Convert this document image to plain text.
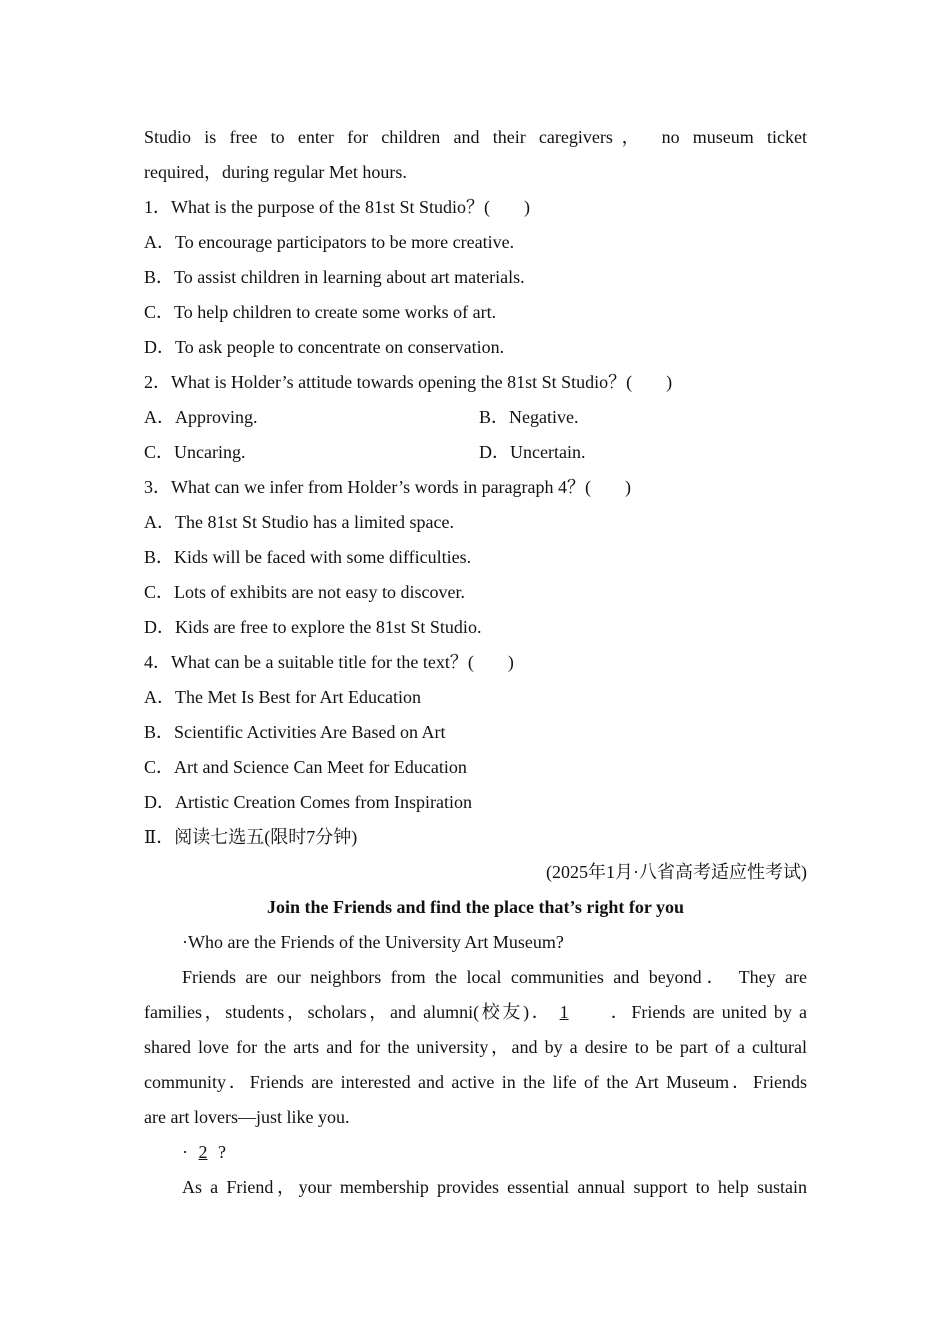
Studio is free to enter for children and their caregivers， no museum ticket
required，during regular Met hours.
1．What is the purpose of the 81st St Studio？( )
A．To encourage participators to be more creative.
B．To assist children in learning about art materials.
C．To help children to create some works of art.
D．To ask people to concentrate on conservation.
2．What is Holder’s attitude towards opening the 81st St Studio？( )
A．Approving.	B．Negative.
C．Uncaring.	D．Uncertain.
3．What can we infer from Holder’s words in paragraph 4？( )
A．The 81st St Studio has a limited space.
B．Kids will be faced with some difficulties.
C．Lots of exhibits are not easy to discover.
D．Kids are free to explore the 81st St Studio.
4．What can be a suitable title for the text？( )
A．The Met Is Best for Art Education
B．Scientific Activities Are Based on Art
C．Art and Science Can Meet for Education
D．Artistic Creation Comes from Inspiration
Ⅱ．阅读七选五(限时7分钟)
(2025年1月·八省高考适应性考试)
Join the Friends and find the place that’s right for you
·Who are the Friends of the University Art Museum?
Friends are our neighbors from the local communities and beyond． They are
families，students，scholars，and alumni(校友)． 1 ．Friends are united by a
shared love for the arts and for the university，and by a desire to be part of a cultural
community．Friends are interested and active in the life of the Art Museum．Friends
are art lovers—just like you.
· 2 ?
As a Friend，your membership provides essential annual support to help sustain
